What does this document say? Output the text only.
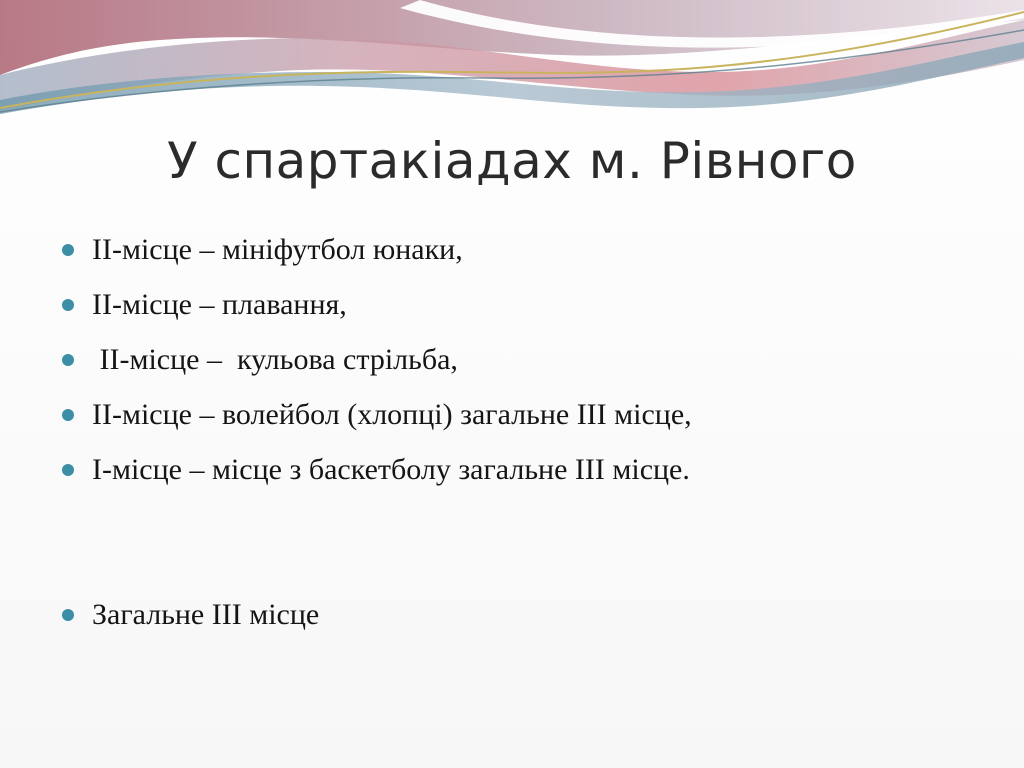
У спартакіадах м. Рівного
ІІ-місце – мініфутбол юнаки,
ІІ-місце – плавання,
ІІ-місце –  кульова стрільба,
ІІ-місце – волейбол (хлопці) загальне ІІІ місце,
І-місце – місце з баскетболу загальне ІІІ місце.
Загальне ІІІ місце
